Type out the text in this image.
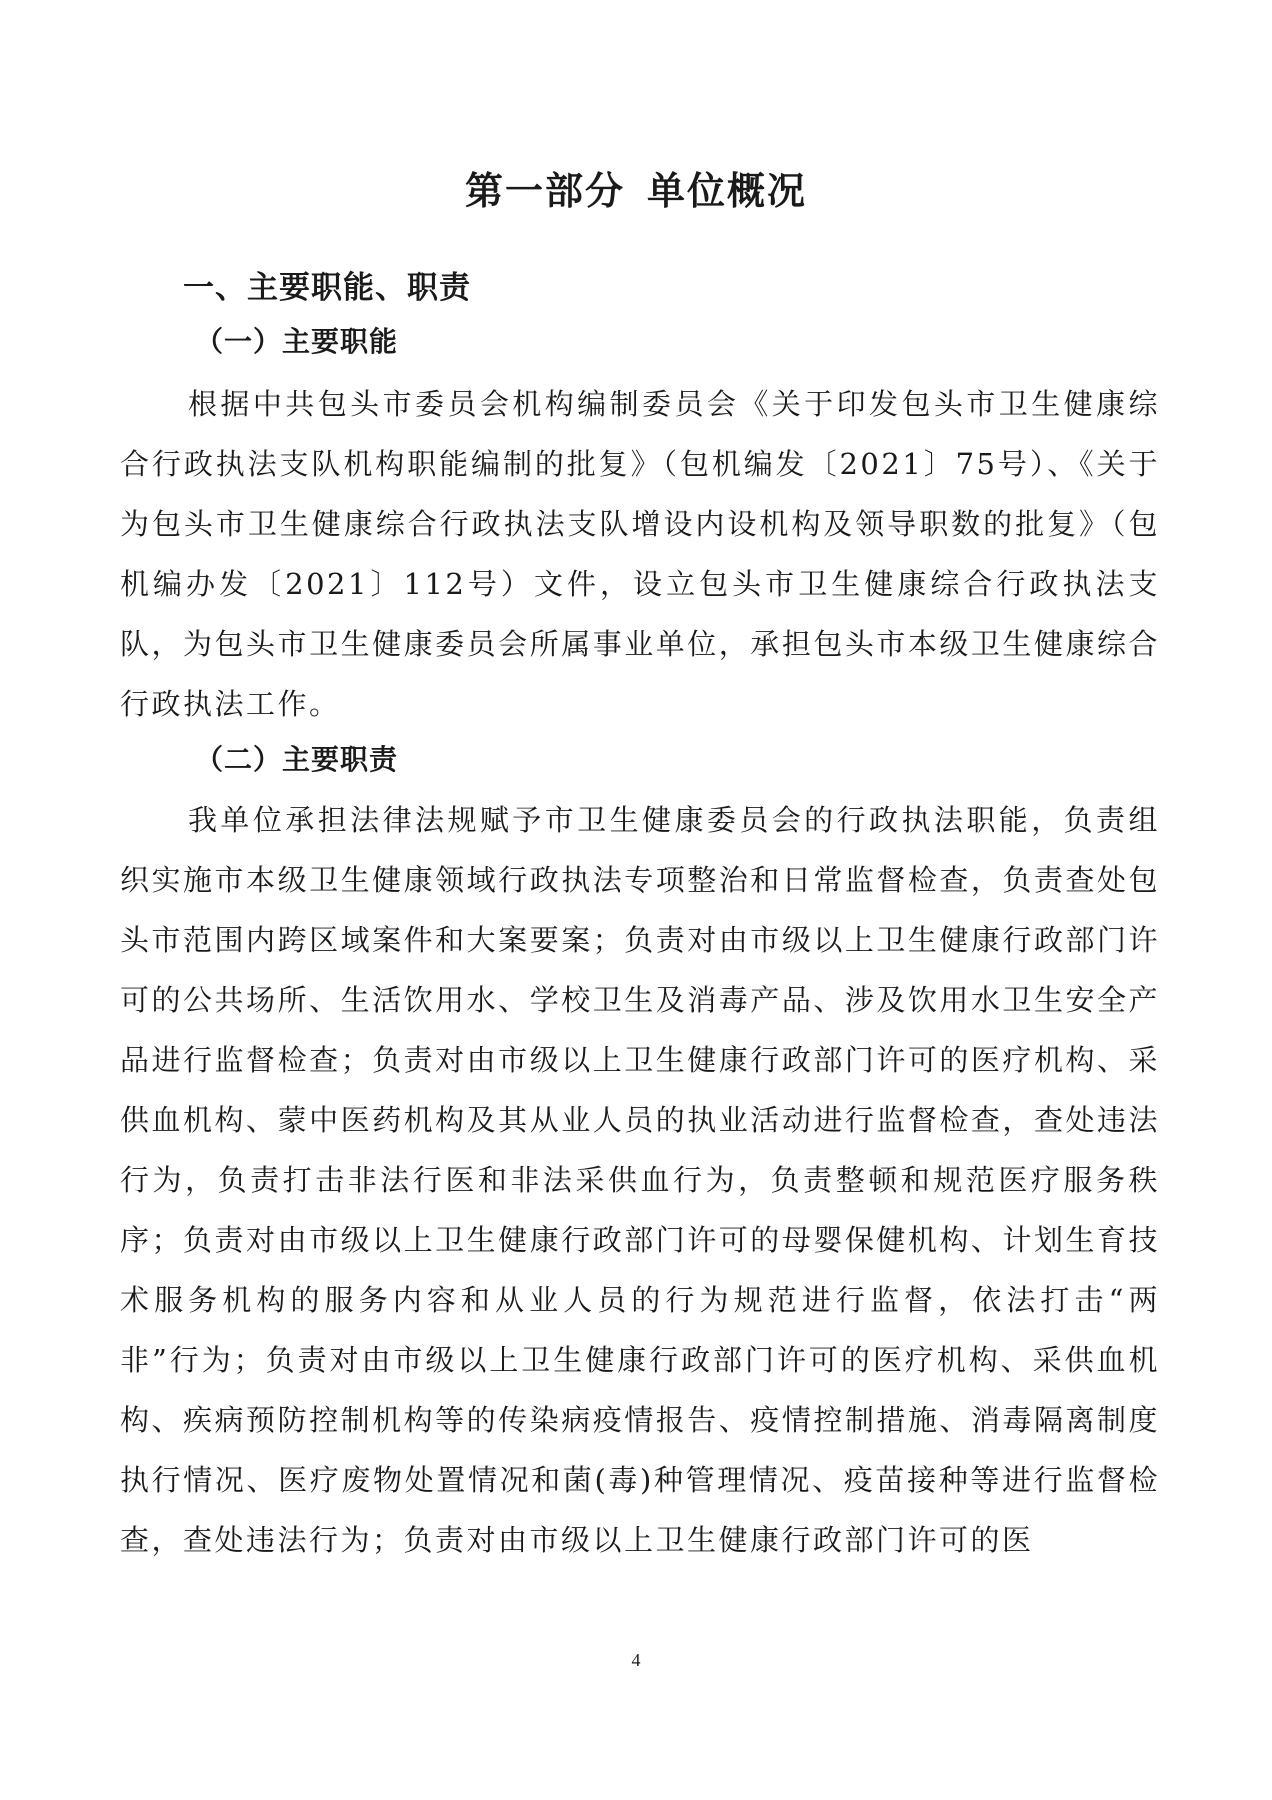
第一部分 单位概况
一、主要职能、职责
（一）主要职能

根据中共包头市委员会机构编制委员会《关于印发包头市卫生健康综合行政执法支队机构职能编制的批复》（包机编发〔2021〕75号）、《关于为包头市卫生健康综合行政执法支队增设内设机构及领导职数的批复》（包机编办发〔2021〕112号）文件，设立包头市卫生健康综合行政执法支队，为包头市卫生健康委员会所属事业单位，承担包头市本级卫生健康综合行政执法工作。

（二）主要职责

我单位承担法律法规赋予市卫生健康委员会的行政执法职能，负责组织实施市本级卫生健康领域行政执法专项整治和日常监督检查，负责查处包头市范围内跨区域案件和大案要案；负责对由市级以上卫生健康行政部门许可的公共场所、生活饮用水、学校卫生及消毒产品、涉及饮用水卫生安全产品进行监督检查；负责对由市级以上卫生健康行政部门许可的医疗机构、采供血机构、蒙中医药机构及其从业人员的执业活动进行监督检查，查处违法行为，负责打击非法行医和非法采供血行为，负责整顿和规范医疗服务秩序；负责对由市级以上卫生健康行政部门许可的母婴保健机构、计划生育技术服务机构的服务内容和从业人员的行为规范进行监督，依法打击“两非”行为；负责对由市级以上卫生健康行政部门许可的医疗机构、采供血机构、疾病预防控制机构等的传染病疫情报告、疫情控制措施、消毒隔离制度执行情况、医疗废物处置情况和菌(毒)种管理情况、疫苗接种等进行监督检查，查处违法行为；负责对由市级以上卫生健康行政部门许可的医

4
